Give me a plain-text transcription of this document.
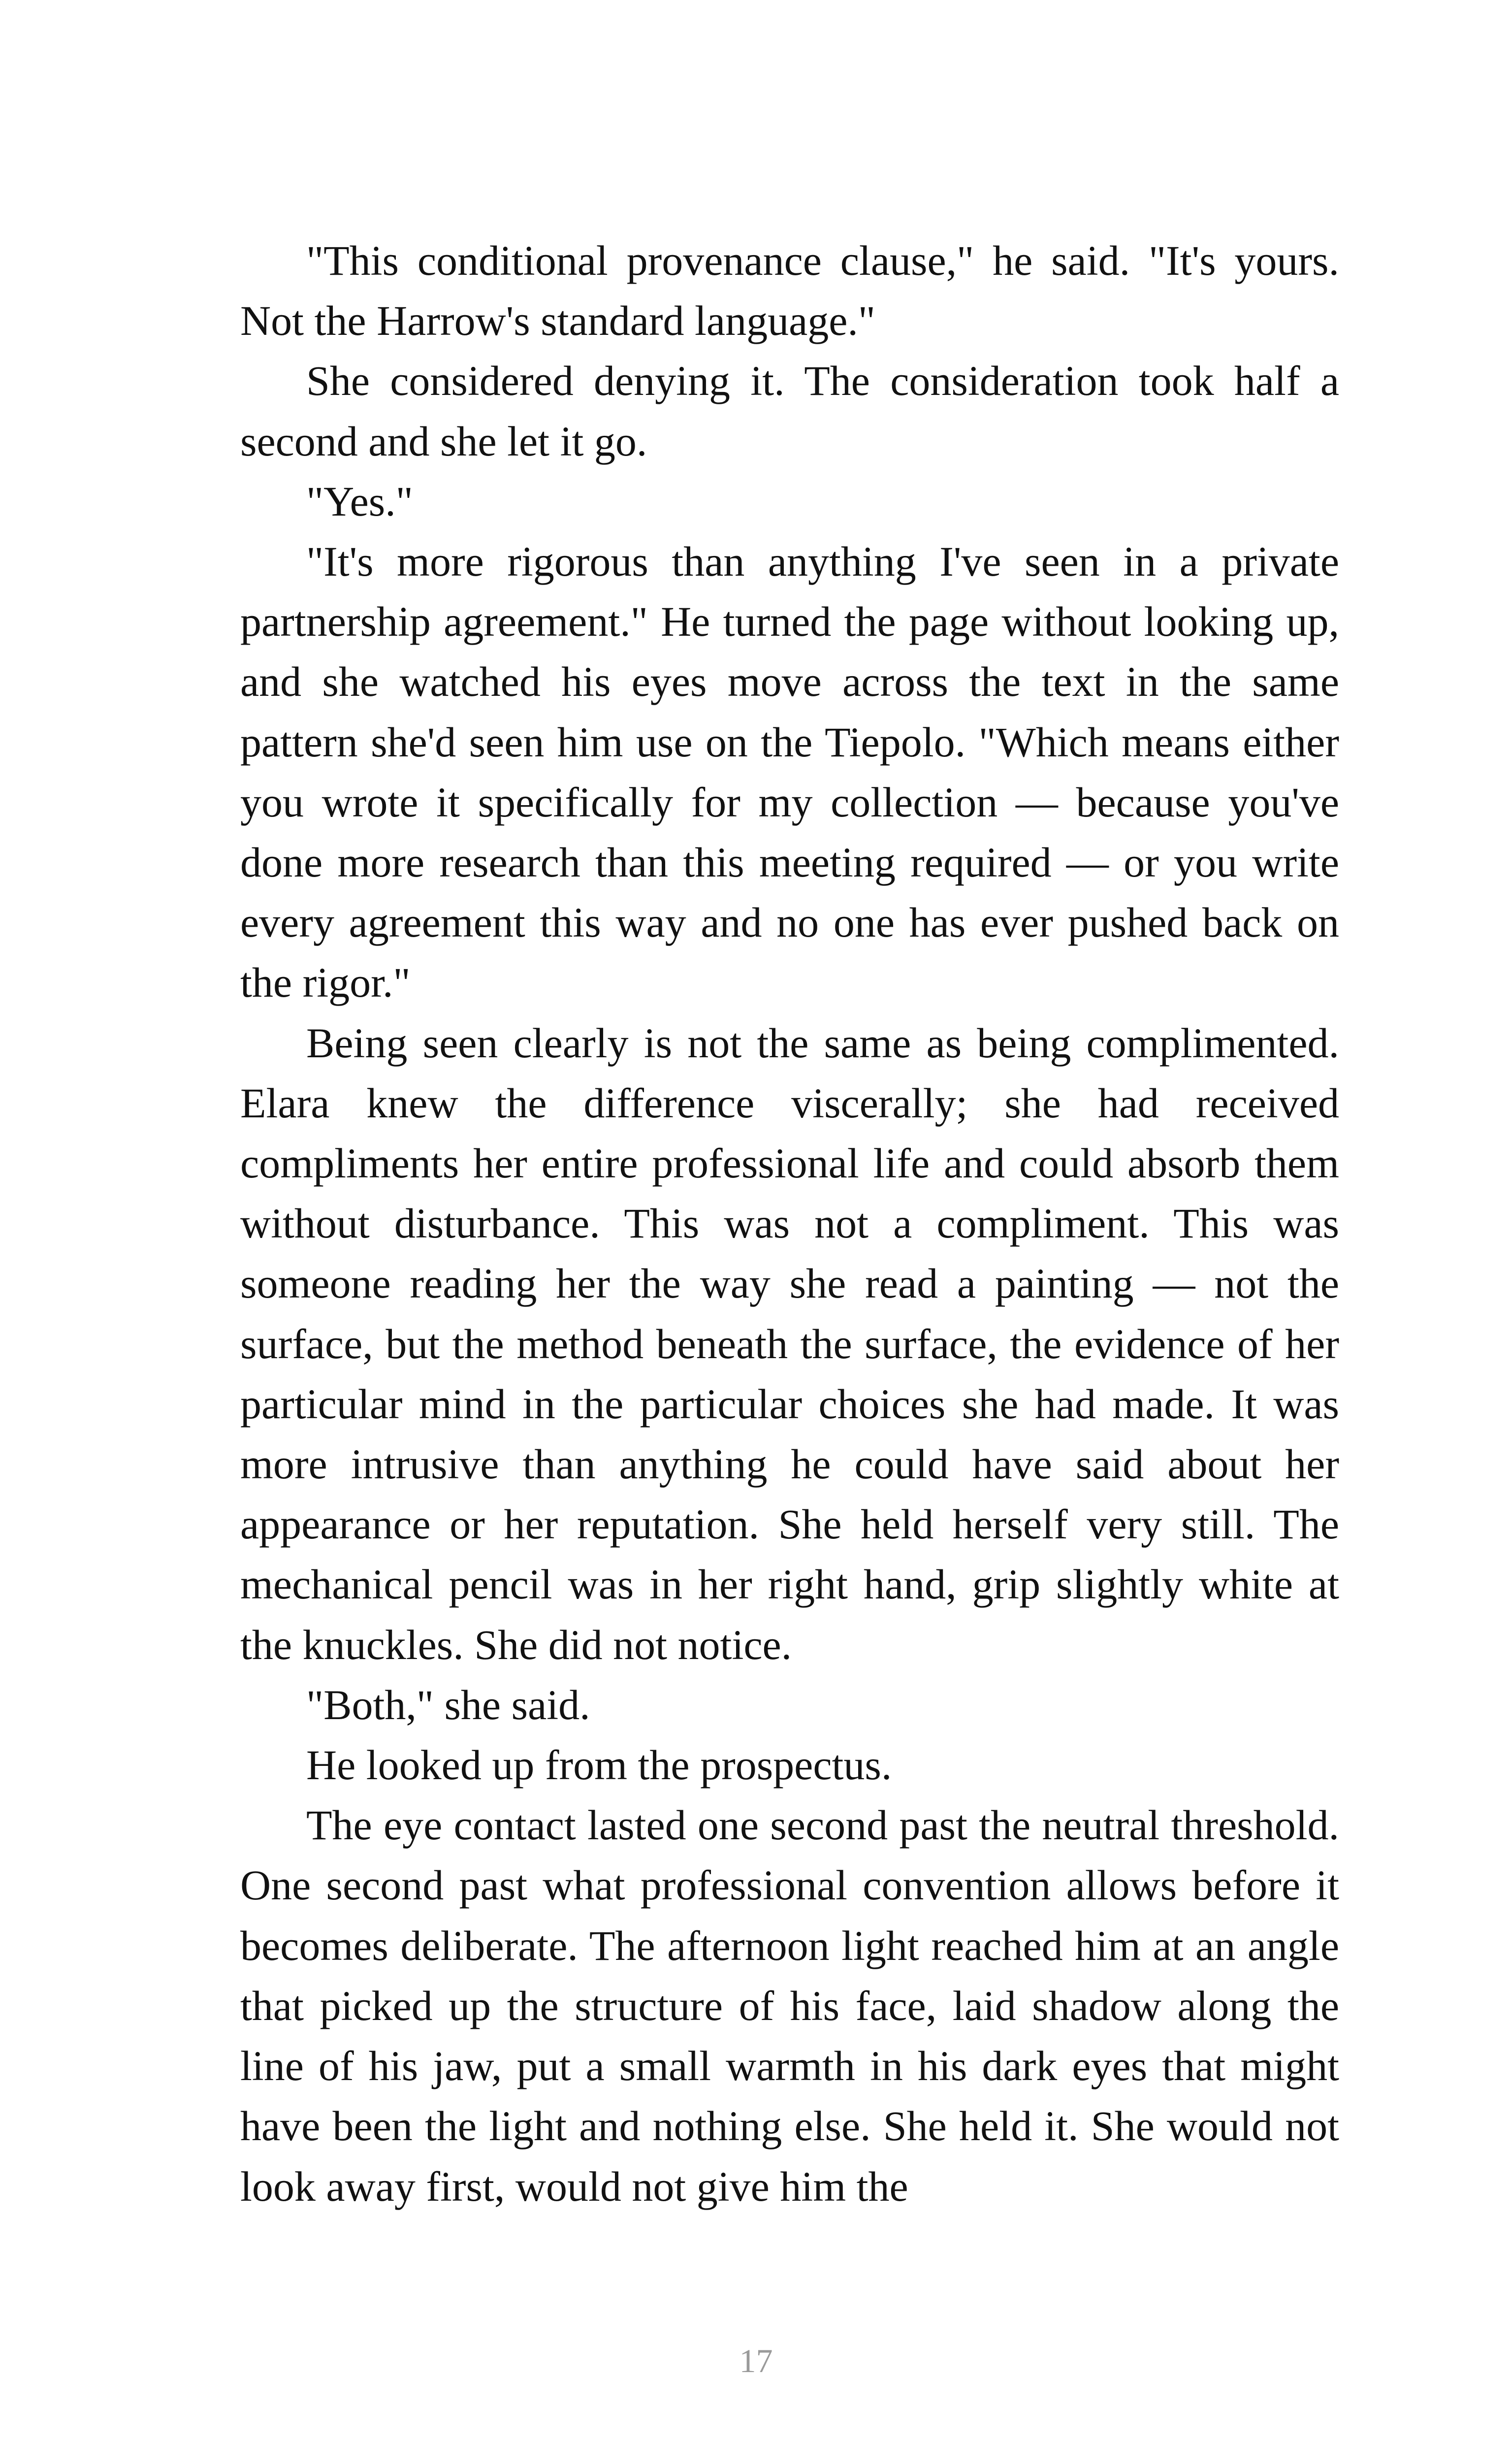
"This conditional provenance clause," he said. "It's yours. Not the Harrow's standard language."

She considered denying it. The consideration took half a second and she let it go.

"Yes."

"It's more rigorous than anything I've seen in a private partnership agreement." He turned the page without looking up, and she watched his eyes move across the text in the same pattern she'd seen him use on the Tiepolo. "Which means either you wrote it specifically for my collection — because you've done more research than this meeting required — or you write every agreement this way and no one has ever pushed back on the rigor."

Being seen clearly is not the same as being complimented. Elara knew the difference viscerally; she had received compliments her entire professional life and could absorb them without disturbance. This was not a compliment. This was someone reading her the way she read a painting — not the surface, but the method beneath the surface, the evidence of her particular mind in the particular choices she had made. It was more intrusive than anything he could have said about her appearance or her reputation. She held herself very still. The mechanical pencil was in her right hand, grip slightly white at the knuckles. She did not notice.

"Both," she said.

He looked up from the prospectus.

The eye contact lasted one second past the neutral threshold. One second past what professional convention allows before it becomes deliberate. The afternoon light reached him at an angle that picked up the structure of his face, laid shadow along the line of his jaw, put a small warmth in his dark eyes that might have been the light and nothing else. She held it. She would not look away first, would not give him the

17
